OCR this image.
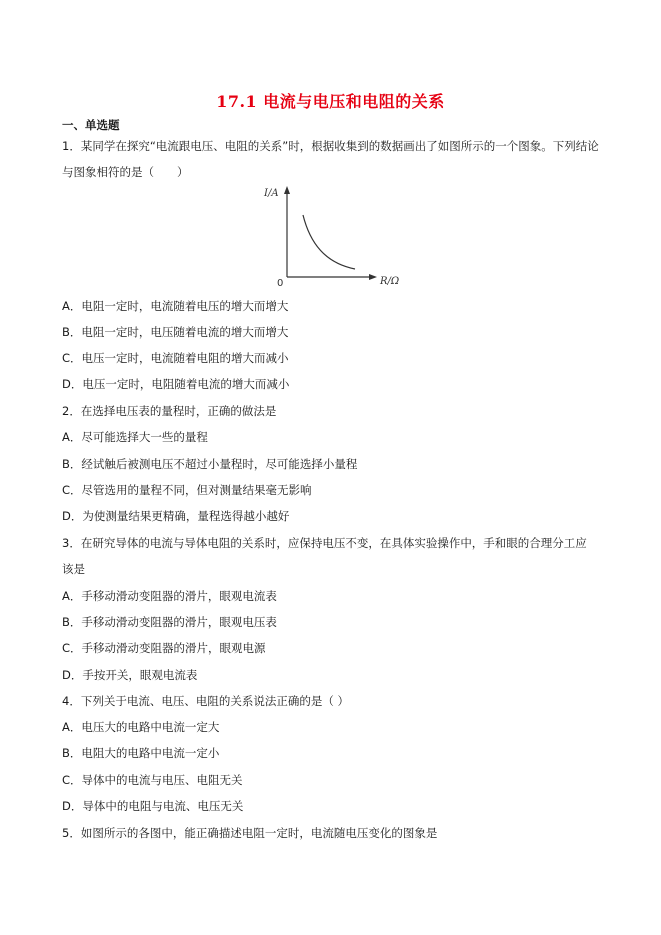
17.1 电流与电压和电阻的关系
一、单选题
1．某同学在探究“电流跟电压、电阻的关系”时，根据收集到的数据画出了如图所示的一个图象。下列结论
与图象相符的是（　　）
I/A
0	R/Ω
A．电阻一定时，电流随着电压的增大而增大
B．电阻一定时，电压随着电流的增大而增大
C．电压一定时，电流随着电阻的增大而减小
D．电压一定时，电阻随着电流的增大而减小
2．在选择电压表的量程时，正确的做法是
A．尽可能选择大一些的量程
B．经试触后被测电压不超过小量程时，尽可能选择小量程
C．尽管选用的量程不同，但对测量结果毫无影响
D．为使测量结果更精确，量程选得越小越好
3．在研究导体的电流与导体电阻的关系时，应保持电压不变，在具体实验操作中，手和眼的合理分工应
该是
A．手移动滑动变阻器的滑片，眼观电流表
B．手移动滑动变阻器的滑片，眼观电压表
C．手移动滑动变阻器的滑片，眼观电源
D．手按开关，眼观电流表
4．下列关于电流、电压、电阻的关系说法正确的是（ ）
A．电压大的电路中电流一定大
B．电阻大的电路中电流一定小
C．导体中的电流与电压、电阻无关
D．导体中的电阻与电流、电压无关
5．如图所示的各图中，能正确描述电阻一定时，电流随电压变化的图象是
